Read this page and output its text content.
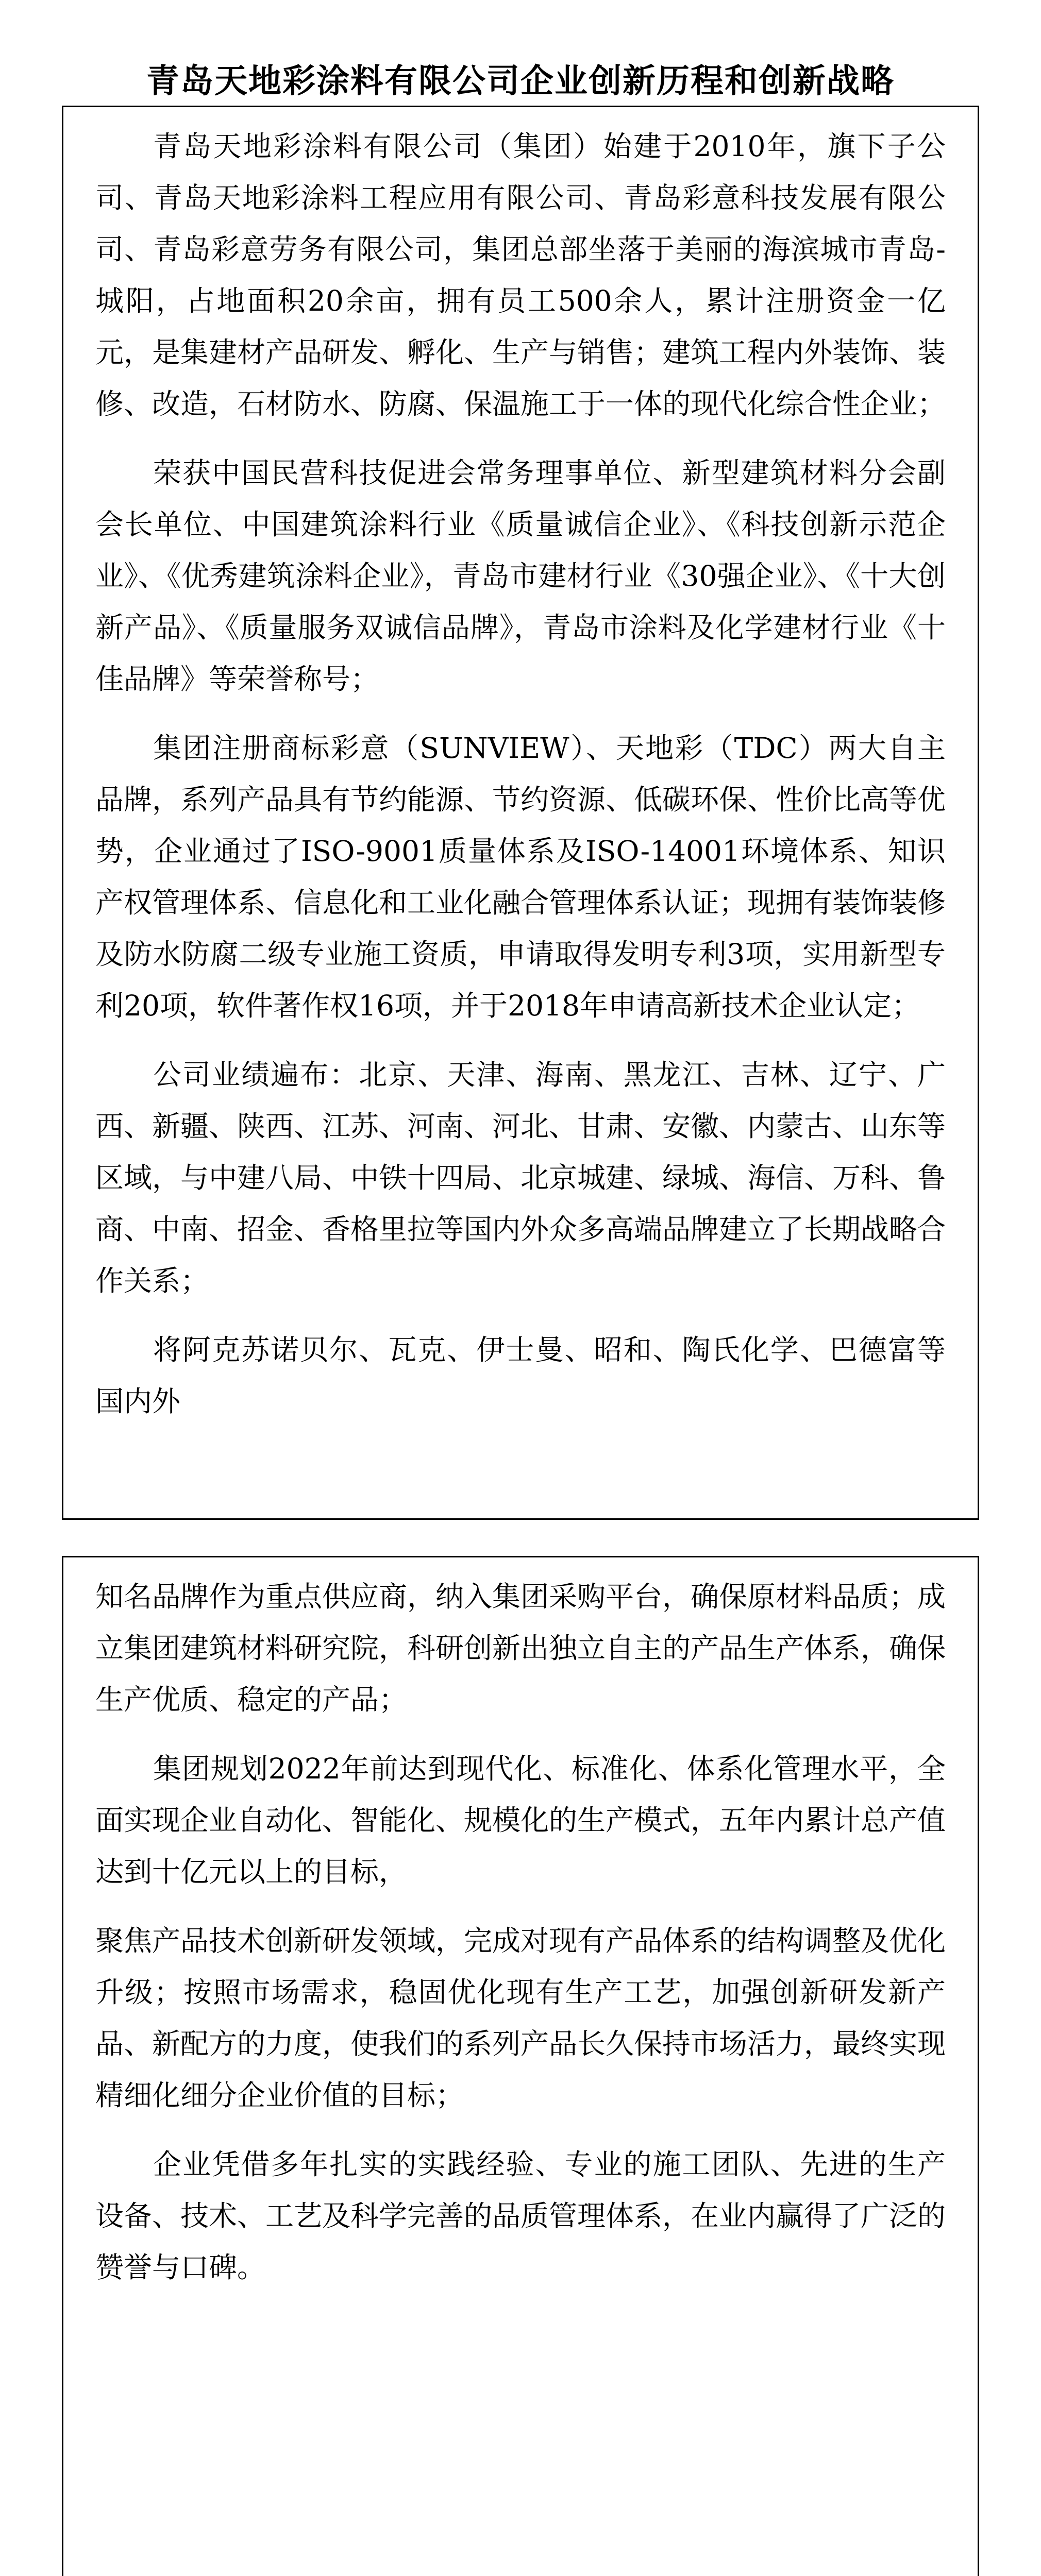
青岛天地彩涂料有限公司企业创新历程和创新战略

青岛天地彩涂料有限公司（集团）始建于2010年，旗下子公司、青岛天地彩涂料工程应用有限公司、青岛彩意科技发展有限公司、青岛彩意劳务有限公司，集团总部坐落于美丽的海滨城市青岛-城阳，占地面积20余亩，拥有员工500余人，累计注册资金一亿元，是集建材产品研发、孵化、生产与销售；建筑工程内外装饰、装修、改造，石材防水、防腐、保温施工于一体的现代化综合性企业；

荣获中国民营科技促进会常务理事单位、新型建筑材料分会副会长单位、中国建筑涂料行业《质量诚信企业》、《科技创新示范企业》、《优秀建筑涂料企业》，青岛市建材行业《30强企业》、《十大创新产品》、《质量服务双诚信品牌》，青岛市涂料及化学建材行业《十佳品牌》等荣誉称号；

集团注册商标彩意（SUNVIEW）、天地彩（TDC）两大自主品牌，系列产品具有节约能源、节约资源、低碳环保、性价比高等优势，企业通过了ISO-9001质量体系及ISO-14001环境体系、知识产权管理体系、信息化和工业化融合管理体系认证；现拥有装饰装修及防水防腐二级专业施工资质，申请取得发明专利3项，实用新型专利20项，软件著作权16项，并于2018年申请高新技术企业认定；

公司业绩遍布：北京、天津、海南、黑龙江、吉林、辽宁、广西、新疆、陕西、江苏、河南、河北、甘肃、安徽、内蒙古、山东等区域，与中建八局、中铁十四局、北京城建、绿城、海信、万科、鲁商、中南、招金、香格里拉等国内外众多高端品牌建立了长期战略合作关系；

将阿克苏诺贝尔、瓦克、伊士曼、昭和、陶氏化学、巴德富等国内外

知名品牌作为重点供应商，纳入集团采购平台，确保原材料品质；成立集团建筑材料研究院，科研创新出独立自主的产品生产体系，确保生产优质、稳定的产品；

集团规划2022年前达到现代化、标准化、体系化管理水平，全面实现企业自动化、智能化、规模化的生产模式，五年内累计总产值达到十亿元以上的目标，

聚焦产品技术创新研发领域，完成对现有产品体系的结构调整及优化升级；按照市场需求，稳固优化现有生产工艺，加强创新研发新产品、新配方的力度，使我们的系列产品长久保持市场活力，最终实现精细化细分企业价值的目标；

企业凭借多年扎实的实践经验、专业的施工团队、先进的生产设备、技术、工艺及科学完善的品质管理体系，在业内赢得了广泛的赞誉与口碑。
